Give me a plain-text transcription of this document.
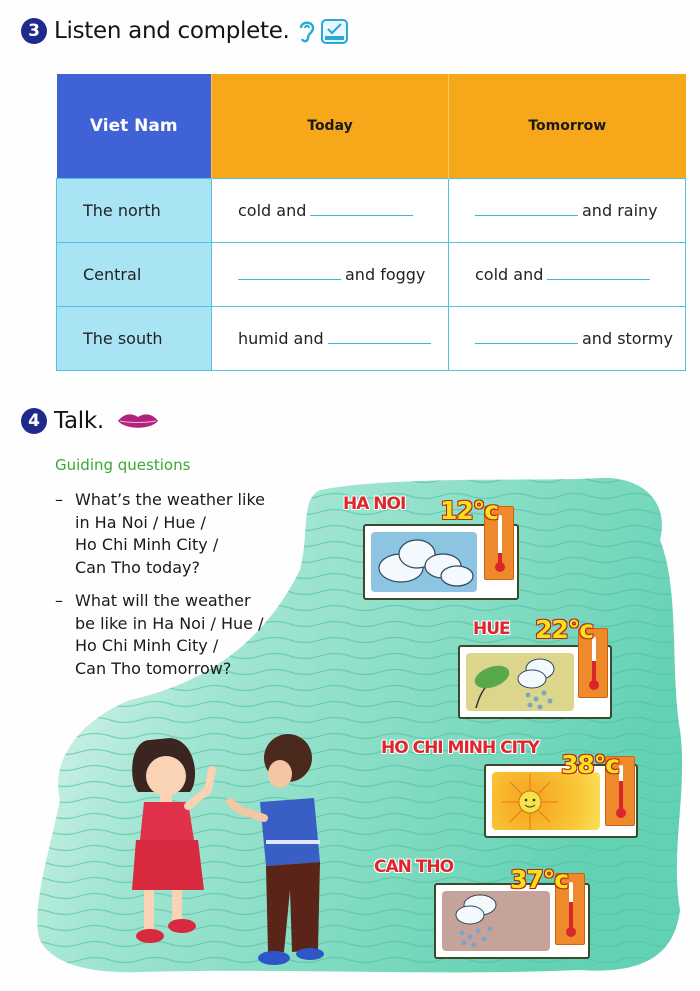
3 Listen and complete.
Viet Nam	Today	Tomorrow
The north	cold and	and rainy
Central	and foggy	cold and
The south	humid and	and stormy
4 Talk.
Guiding questions
– What’s the weather like
in Ha Noi / Hue /
Ho Chi Minh City /
Can Tho today?
– What will the weather
be like in Ha Noi / Hue /
Ho Chi Minh City /
Can Tho tomorrow?
HA NOI 12°c
HUE 22°c
HO CHI MINH CITY
38°c
CAN THO 37°c
